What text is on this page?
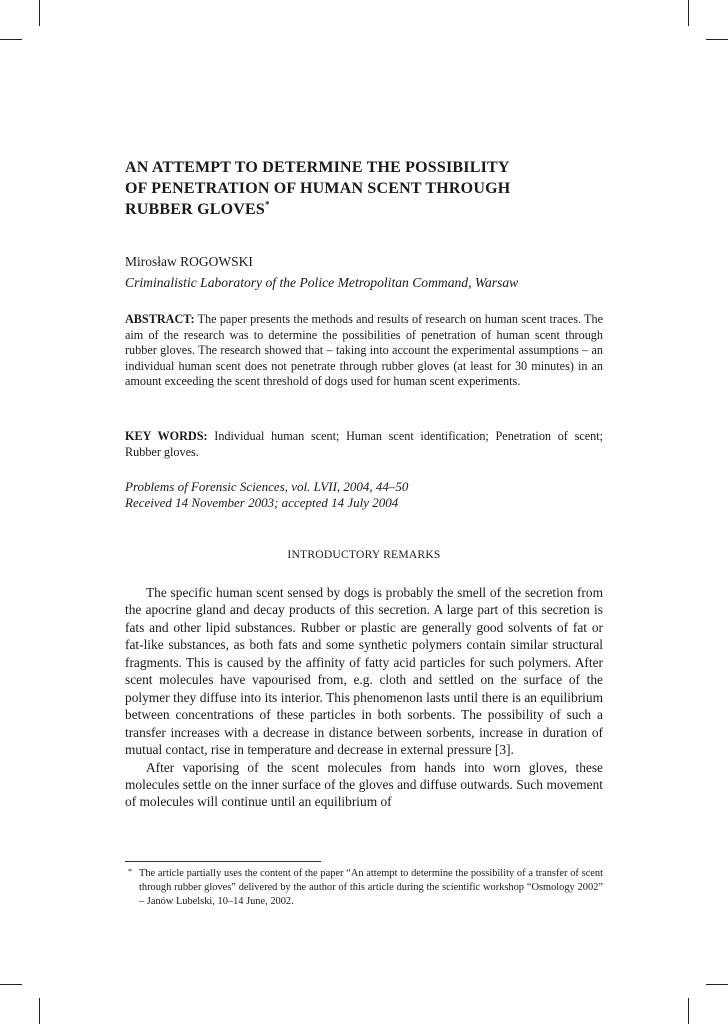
AN ATTEMPT TO DETERMINE THE POSSIBILITY
OF PENETRATION OF HUMAN SCENT THROUGH
RUBBER GLOVES*
Mirosław ROGOWSKI
Criminalistic Laboratory of the Police Metropolitan Command, Warsaw
ABSTRACT: The paper presents the methods and results of research on human scent traces. The aim of the research was to determine the possibilities of penetration of human scent through rubber gloves. The research showed that – taking into account the experimental assumptions – an individual human scent does not penetrate through rubber gloves (at least for 30 minutes) in an amount exceeding the scent threshold of dogs used for human scent experiments.
KEY WORDS: Individual human scent; Human scent identification; Penetration of scent; Rubber gloves.
Problems of Forensic Sciences, vol. LVII, 2004, 44–50
Received 14 November 2003; accepted 14 July 2004
INTRODUCTORY REMARKS

The specific human scent sensed by dogs is probably the smell of the secretion from the apocrine gland and decay products of this secretion. A large part of this secretion is fats and other lipid substances. Rubber or plastic are generally good solvents of fat or fat-like substances, as both fats and some synthetic polymers contain similar structural fragments. This is caused by the affinity of fatty acid particles for such polymers. After scent molecules have vapourised from, e.g. cloth and settled on the surface of the polymer they diffuse into its interior. This phenomenon lasts until there is an equilibrium between concentrations of these particles in both sorbents. The possibility of such a transfer increases with a decrease in distance between sorbents, increase in duration of mutual contact, rise in temperature and decrease in external pressure [3].

After vaporising of the scent molecules from hands into worn gloves, these molecules settle on the inner surface of the gloves and diffuse outwards. Such movement of molecules will continue until an equilibrium of

* The article partially uses the content of the paper “An attempt to determine the possibility of a transfer of scent through rubber gloves” delivered by the author of this article during the scientific workshop “Osmology 2002” – Janów Lubelski, 10–14 June, 2002.
